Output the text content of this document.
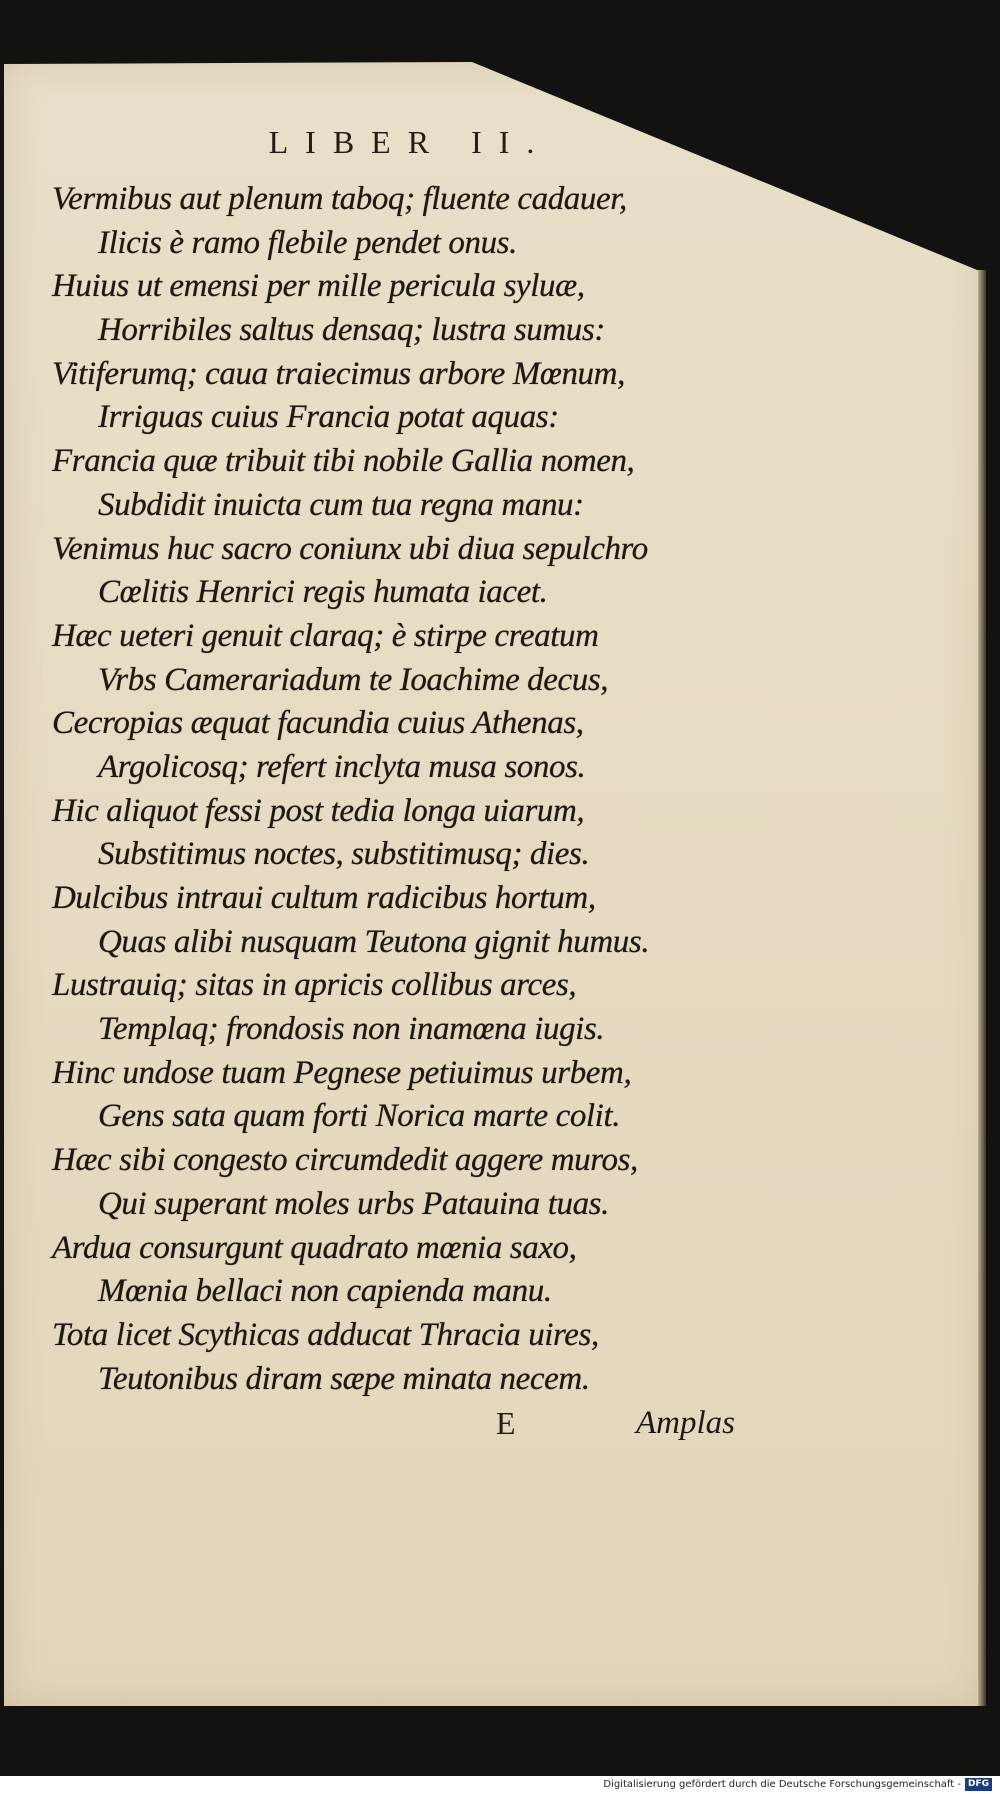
LIBER II.
Vermibus aut plenum taboq; fluente cadauer,
Ilicis è ramo flebile pendet onus.
Huius ut emensi per mille pericula syluæ,
Horribiles saltus densaq; lustra sumus:
Vitiferumq; caua traiecimus arbore Mœnum,
Irriguas cuius Francia potat aquas:
Francia quæ tribuit tibi nobile Gallia nomen,
Subdidit inuicta cum tua regna manu:
Venimus huc sacro coniunx ubi diua sepulchro
Cœlitis Henrici regis humata iacet.
Hæc ueteri genuit claraq; è stirpe creatum
Vrbs Camerariadum te Ioachime decus,
Cecropias æquat facundia cuius Athenas,
Argolicosq; refert inclyta musa sonos.
Hic aliquot fessi post tedia longa uiarum,
Substitimus noctes, substitimusq; dies.
Dulcibus intraui cultum radicibus hortum,
Quas alibi nusquam Teutona gignit humus.
Lustrauiq; sitas in apricis collibus arces,
Templaq; frondosis non inamœna iugis.
Hinc undose tuam Pegnese petiuimus urbem,
Gens sata quam forti Norica marte colit.
Hæc sibi congesto circumdedit aggere muros,
Qui superant moles urbs Patauina tuas.
Ardua consurgunt quadrato mœnia saxo,
Mœnia bellaci non capienda manu.
Tota licet Scythicas adducat Thracia uires,
Teutonibus diram sæpe minata necem.
E	Amplas
Digitalisierung gefördert durch die Deutsche Forschungsgemeinschaft - DFG
